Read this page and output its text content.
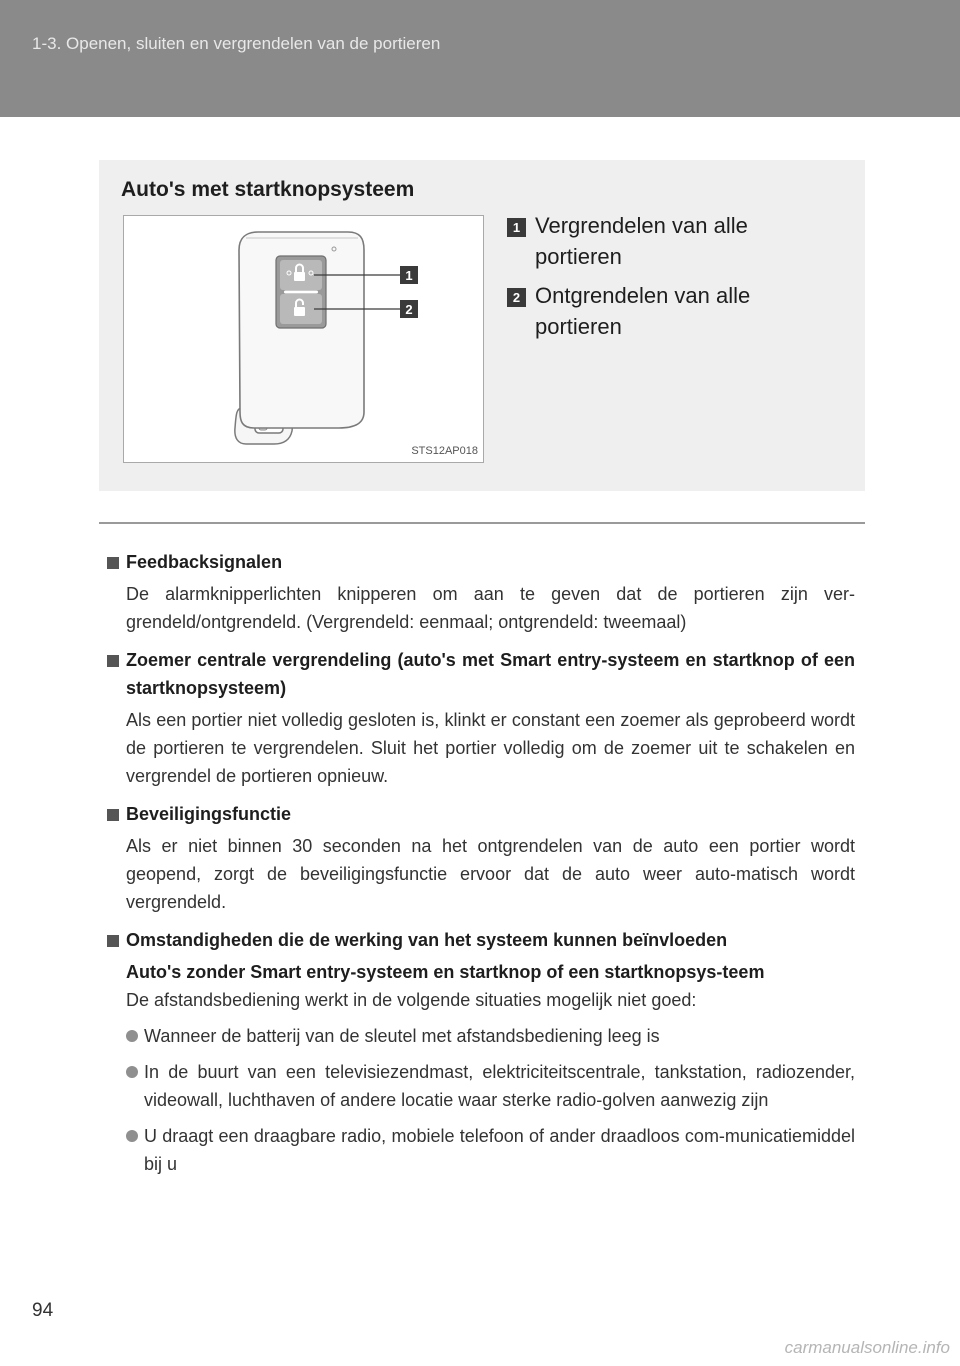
1-3. Openen, sluiten en vergrendelen van de portieren
Auto's met startknopsysteem
1
2
STS12AP018
1 Vergrendelen van alle portieren
2 Ontgrendelen van alle portieren
Feedbacksignalen
De alarmknipperlichten knipperen om aan te geven dat de portieren zijn ver-grendeld/ontgrendeld. (Vergrendeld: eenmaal; ontgrendeld: tweemaal)
Zoemer centrale vergrendeling (auto's met Smart entry-systeem en startknop of een startknopsysteem)
Als een portier niet volledig gesloten is, klinkt er constant een zoemer als geprobeerd wordt de portieren te vergrendelen. Sluit het portier volledig om de zoemer uit te schakelen en vergrendel de portieren opnieuw.
Beveiligingsfunctie
Als er niet binnen 30 seconden na het ontgrendelen van de auto een portier wordt geopend, zorgt de beveiligingsfunctie ervoor dat de auto weer auto-matisch wordt vergrendeld.
Omstandigheden die de werking van het systeem kunnen beïnvloeden
Auto's zonder Smart entry-systeem en startknop of een startknopsys-teem
De afstandsbediening werkt in de volgende situaties mogelijk niet goed:
Wanneer de batterij van de sleutel met afstandsbediening leeg is
In de buurt van een televisiezendmast, elektriciteitscentrale, tankstation, radiozender, videowall, luchthaven of andere locatie waar sterke radio-golven aanwezig zijn
U draagt een draagbare radio, mobiele telefoon of ander draadloos com-municatiemiddel bij u
94
carmanualsonline.info
